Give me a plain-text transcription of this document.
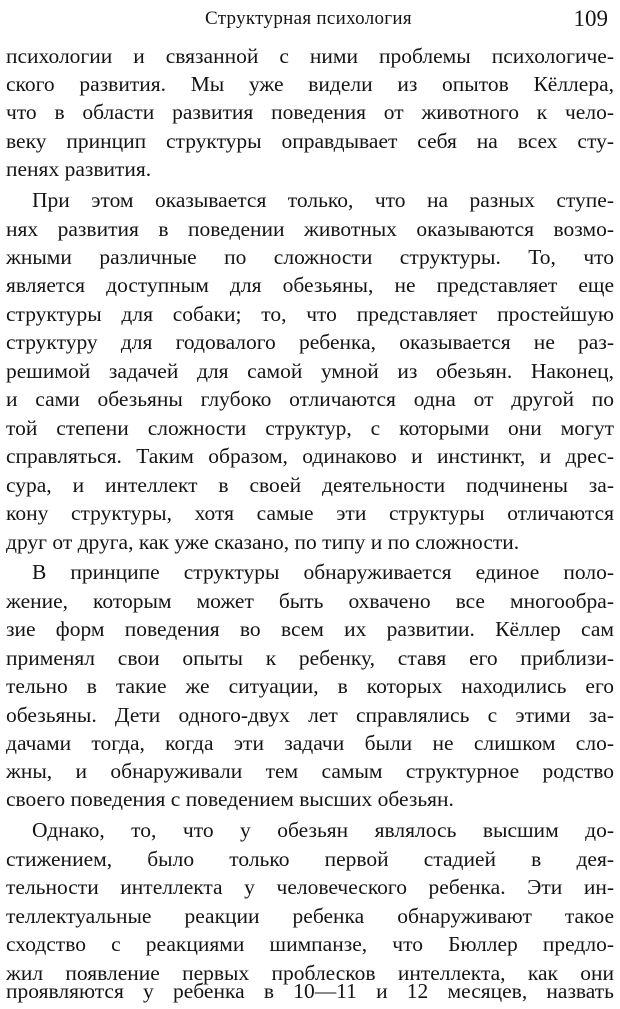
Структурная психология	109
психологии и связанной с ними проблемы психологиче-
ского развития. Мы уже видели из опытов Кёллера,
что в области развития поведения от животного к чело-
веку принцип структуры оправдывает себя на всех сту-
пенях развития.
При этом оказывается только, что на разных ступе-
нях развития в поведении животных оказываются возмо-
жными различные по сложности структуры. То, что
является доступным для обезьяны, не представляет еще
структуры для собаки; то, что представляет простейшую
структуру для годовалого ребенка, оказывается не раз-
решимой задачей для самой умной из обезьян. Наконец,
и сами обезьяны глубоко отличаются одна от другой по
той степени сложности структур, с которыми они могут
справляться. Таким образом, одинаково и инстинкт, и дрес-
сура, и интеллект в своей деятельности подчинены за-
кону структуры, хотя самые эти структуры отличаются
друг от друга, как уже сказано, по типу и по сложности.
В принципе структуры обнаруживается единое поло-
жение, которым может быть охвачено все многообра-
зие форм поведения во всем их развитии. Кёллер сам
применял свои опыты к ребенку, ставя его приблизи-
тельно в такие же ситуации, в которых находились его
обезьяны. Дети одного-двух лет справлялись с этими за-
дачами тогда, когда эти задачи были не слишком сло-
жны, и обнаруживали тем самым структурное родство
своего поведения с поведением высших обезьян.
Однако, то, что у обезьян являлось высшим до-
стижением, было только первой стадией в дея-
тельности интеллекта у человеческого ребенка. Эти ин-
теллектуальные реакции ребенка обнаруживают такое
сходство с реакциями шимпанзе, что Бюллер предло-
жил появление первых проблесков интеллекта, как они
проявляются у ребенка в 10—11 и 12 месяцев, назвать
